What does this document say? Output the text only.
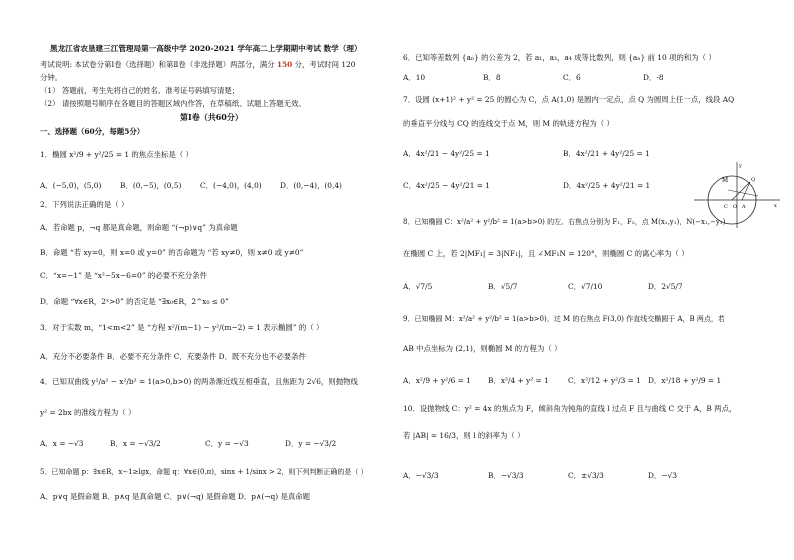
黑龙江省农垦建三江管理局第一高级中学 2020-2021 学年高二上学期期中考试 数学（理）
考试说明: 本试卷分第Ⅰ卷（选择题）和第Ⅱ卷（非选择题）两部分，满分 150 分，考试时间 120
分钟。
（1） 答题前，考生先将自己的姓名、准考证号码填写清楚；
（2） 请按照题号顺序在各题目的答题区域内作答，在草稿纸、试题上答题无效。
第Ⅰ卷（共60分）
一、选择题（60分，每题5分）
1．椭圆 x²/9 + y²/25 = 1 的焦点坐标是（ ）
A．(−5,0)，(5,0)	B．(0,−5)，(0,5)	C．(−4,0)，(4,0) D．(0,−4)，(0,4)
2．下列说法正确的是（ ）
A．若命题 p，¬q 都是真命题，则命题 “(¬p)∨q” 为真命题
B．命题 “若 xy=0，则 x=0 或 y=0” 的否命题为 “若 xy≠0，则 x≠0 或 y≠0”
C．“x=−1” 是 “x²−5x−6=0” 的必要不充分条件
D．命题 “∀x∈R，2ˣ>0” 的否定是 “∃x₀∈R，2^x₀ ≤ 0”
3．对于实数 m，“1<m<2” 是 “方程 x²/(m−1) − y²/(m−2) = 1 表示椭圆” 的（ ）
A．充分不必要条件 B．必要不充分条件 C．充要条件 D．既不充分也不必要条件
4．已知双曲线 y²/a² − x²/b² = 1(a>0,b>0) 的两条渐近线互相垂直，且焦距为 2√6，则抛物线
y² = 2bx 的准线方程为（ ）
A．x = −√3	B．x = −√3/2	C．y = −√3	D．y = −√3/2
5．已知命题 p：∃x∈R，x−1≥lgx，命题 q：∀x∈(0,π)，sinx + 1/sinx > 2，则下列判断正确的是（ ）
A．p∨q 是假命题 B．p∧q 是真命题 C．p∨(¬q) 是假命题 D．p∧(¬q) 是真命题
6．已知等差数列 {aₙ} 的公差为 2，若 a₁，a₃，a₄ 成等比数列，则 {aₙ} 前 10 项的和为（ ）
A．10	B．8	C．6	D．-8
7．设圆 (x+1)² + y² = 25 的圆心为 C，点 A(1,0) 是圆内一定点，点 Q 为圆周上任一点，线段 AQ
的垂直平分线与 CQ 的连线交于点 M，则 M 的轨迹方程为（ ）
A．4x²/21 − 4y²/25 = 1	B．4x²/21 + 4y²/25 = 1
C．4x²/25 − 4y²/21 = 1	D．4x²/25 + 4y²/21 = 1
M
C O A	x
y
Q
8．已知椭圆 C：x²/a² + y²/b² = 1(a>b>0) 的左、右焦点分别为 F₁，F₂，点 M(x₁,y₁)，N(−x₁,−y₁)
在椭圆 C 上，若 2|MF₁| = 3|NF₁|，且 ∠MF₁N = 120°，则椭圆 C 的离心率为（ ）
A．√7/5	B．√5/7	C．√7/10	D．2√5/7
9．已知椭圆 M：x²/a² + y²/b² = 1(a>b>0)，过 M 的右焦点 F(3,0) 作直线交椭圆于 A，B 两点，若
AB 中点坐标为 (2,1)，则椭圆 M 的方程为（ ）
A．x²/9 + y²/6 = 1 B．x²/4 + y² = 1	C．x²/12 + y²/3 = 1 D．x²/18 + y²/9 = 1
10．设抛物线 C：y² = 4x 的焦点为 F，倾斜角为钝角的直线 l 过点 F 且与曲线 C 交于 A，B 两点，
若 |AB| = 16/3，则 l 的斜率为（ ）
A．−√3/3	B．−√3/3	C．±√3/3	D．−√3
